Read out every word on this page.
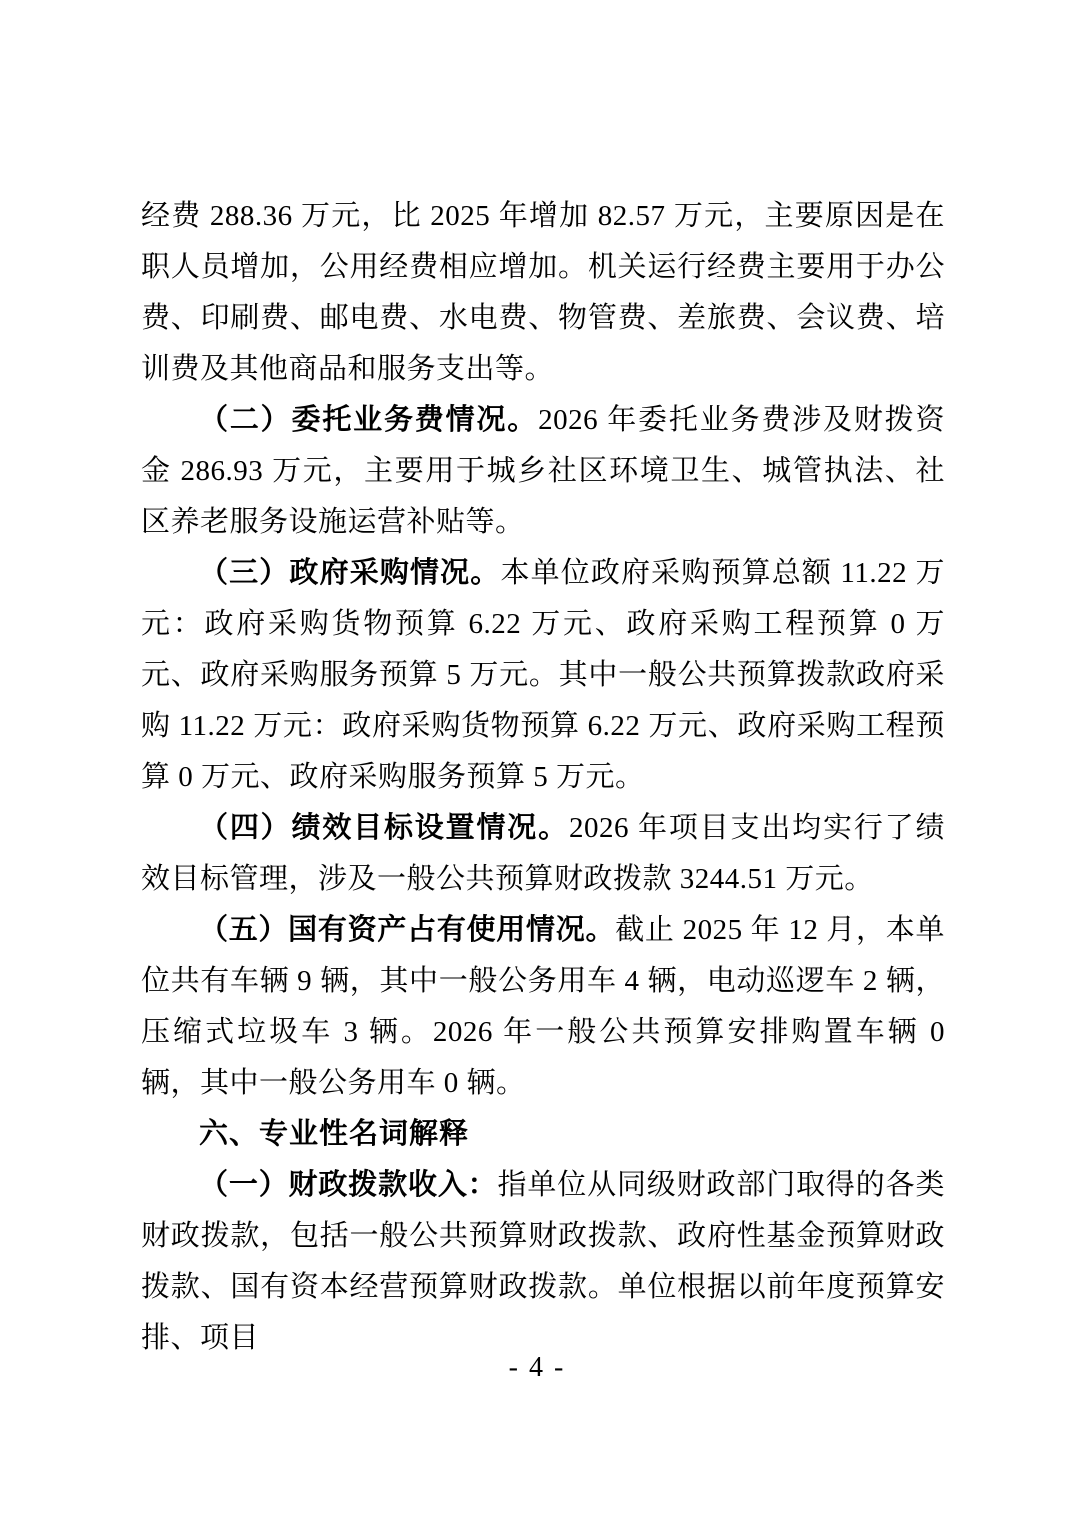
经费 288.36 万元，比 2025 年增加 82.57 万元，主要原因是在职人员增加，公用经费相应增加。机关运行经费主要用于办公费、印刷费、邮电费、水电费、物管费、差旅费、会议费、培训费及其他商品和服务支出等。

（二）委托业务费情况。2026 年委托业务费涉及财拨资金 286.93 万元，主要用于城乡社区环境卫生、城管执法、社区养老服务设施运营补贴等。

（三）政府采购情况。本单位政府采购预算总额 11.22 万元：政府采购货物预算 6.22 万元、政府采购工程预算 0 万元、政府采购服务预算 5 万元。其中一般公共预算拨款政府采购 11.22 万元：政府采购货物预算 6.22 万元、政府采购工程预算 0 万元、政府采购服务预算 5 万元。

（四）绩效目标设置情况。2026 年项目支出均实行了绩效目标管理，涉及一般公共预算财政拨款 3244.51 万元。

（五）国有资产占有使用情况。截止 2025 年 12 月，本单位共有车辆 9 辆，其中一般公务用车 4 辆，电动巡逻车 2 辆，压缩式垃圾车 3 辆。2026 年一般公共预算安排购置车辆 0 辆，其中一般公务用车 0 辆。

六、专业性名词解释

（一）财政拨款收入：指单位从同级财政部门取得的各类财政拨款，包括一般公共预算财政拨款、政府性基金预算财政拨款、国有资本经营预算财政拨款。单位根据以前年度预算安排、项目

- 4 -
